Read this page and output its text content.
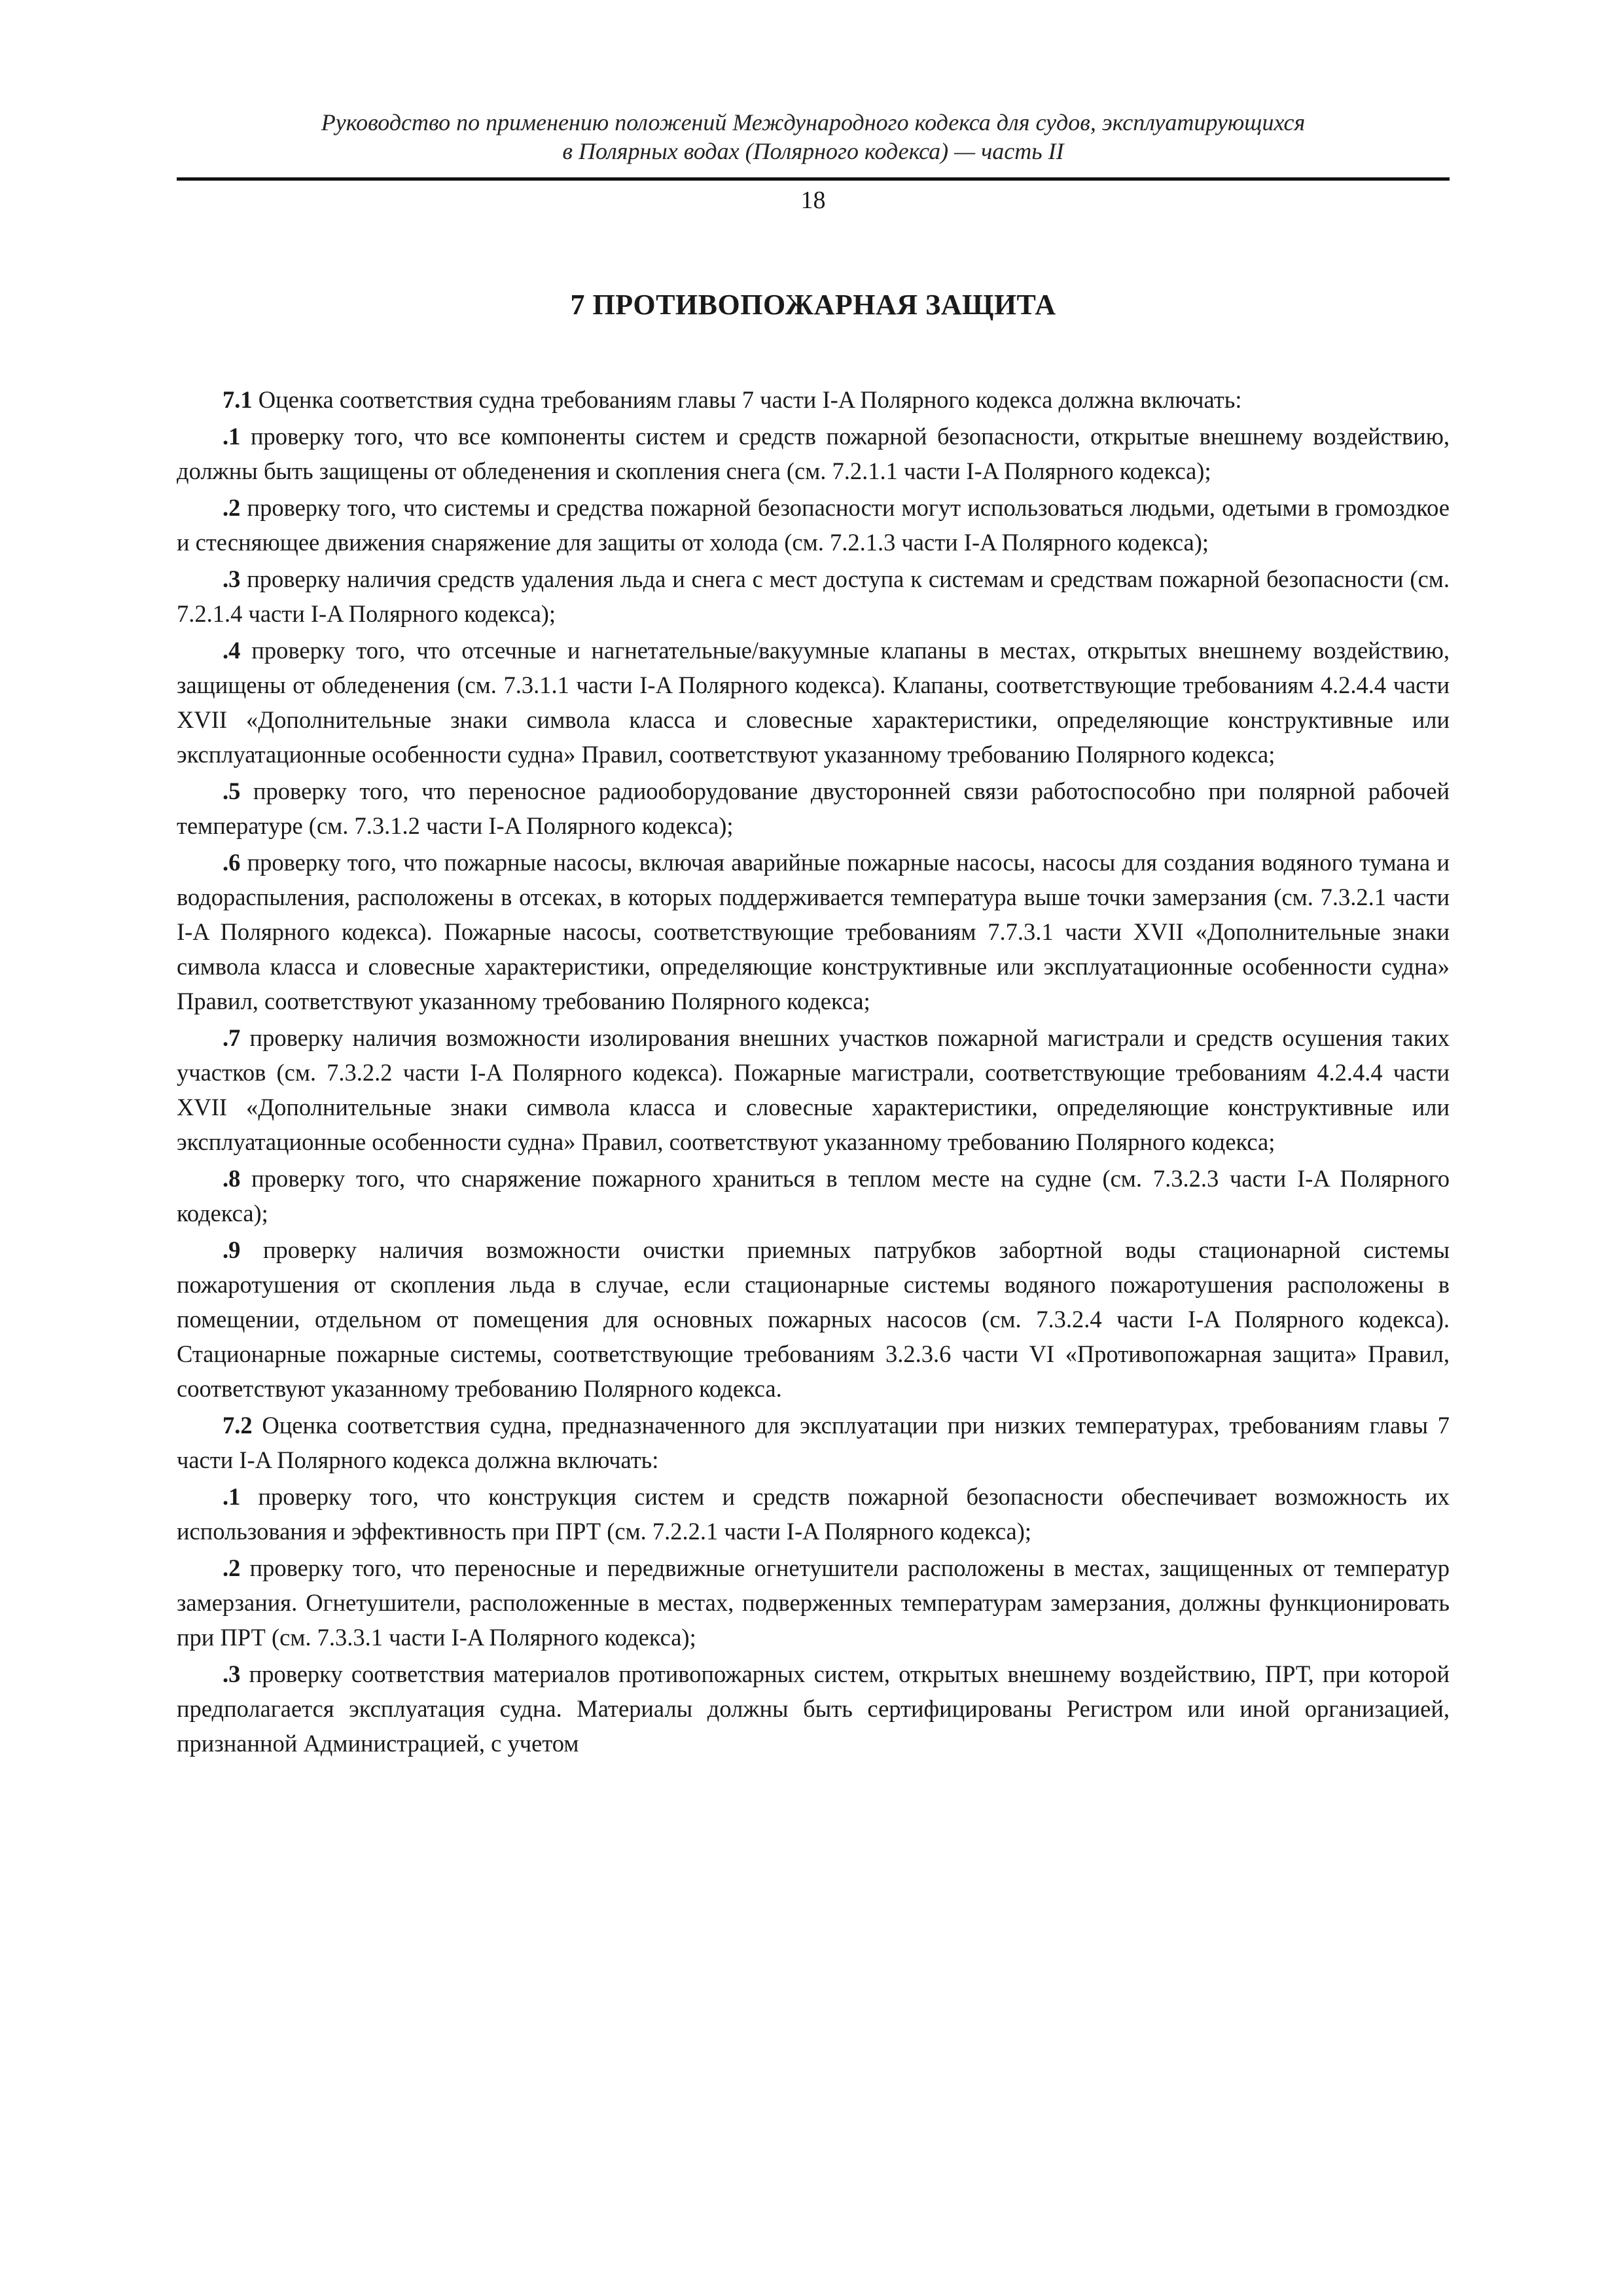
Руководство по применению положений Международного кодекса для судов, эксплуатирующихся
в Полярных водах (Полярного кодекса) — часть II
18
7 ПРОТИВОПОЖАРНАЯ ЗАЩИТА

7.1 Оценка соответствия судна требованиям главы 7 части I-A Полярного кодекса должна включать:

.1 проверку того, что все компоненты систем и средств пожарной безопасности, открытые внешнему воздействию, должны быть защищены от обледенения и скопления снега (см. 7.2.1.1 части I-A Полярного кодекса);

.2 проверку того, что системы и средства пожарной безопасности могут использоваться людьми, одетыми в громоздкое и стесняющее движения снаряжение для защиты от холода (см. 7.2.1.3 части I-A Полярного кодекса);

.3 проверку наличия средств удаления льда и снега с мест доступа к системам и средствам пожарной безопасности (см. 7.2.1.4 части I-A Полярного кодекса);

.4 проверку того, что отсечные и нагнетательные/вакуумные клапаны в местах, открытых внешнему воздействию, защищены от обледенения (см. 7.3.1.1 части I-A Полярного кодекса). Клапаны, соответствующие требованиям 4.2.4.4 части XVII «Дополнительные знаки символа класса и словесные характеристики, определяющие конструктивные или эксплуатационные особенности судна» Правил, соответствуют указанному требованию Полярного кодекса;

.5 проверку того, что переносное радиооборудование двусторонней связи работоспособно при полярной рабочей температуре (см. 7.3.1.2 части I-A Полярного кодекса);

.6 проверку того, что пожарные насосы, включая аварийные пожарные насосы, насосы для создания водяного тумана и водораспыления, расположены в отсеках, в которых поддерживается температура выше точки замерзания (см. 7.3.2.1 части I-A Полярного кодекса). Пожарные насосы, соответствующие требованиям 7.7.3.1 части XVII «Дополнительные знаки символа класса и словесные характеристики, определяющие конструктивные или эксплуатационные особенности судна» Правил, соответствуют указанному требованию Полярного кодекса;

.7 проверку наличия возможности изолирования внешних участков пожарной магистрали и средств осушения таких участков (см. 7.3.2.2 части I-A Полярного кодекса). Пожарные магистрали, соответствующие требованиям 4.2.4.4 части XVII «Дополнительные знаки символа класса и словесные характеристики, определяющие конструктивные или эксплуатационные особенности судна» Правил, соответствуют указанному требованию Полярного кодекса;

.8 проверку того, что снаряжение пожарного храниться в теплом месте на судне (см. 7.3.2.3 части I-A Полярного кодекса);

.9 проверку наличия возможности очистки приемных патрубков забортной воды стационарной системы пожаротушения от скопления льда в случае, если стационарные системы водяного пожаротушения расположены в помещении, отдельном от помещения для основных пожарных насосов (см. 7.3.2.4 части I-A Полярного кодекса). Стационарные пожарные системы, соответствующие требованиям 3.2.3.6 части VI «Противопожарная защита» Правил, соответствуют указанному требованию Полярного кодекса.

7.2 Оценка соответствия судна, предназначенного для эксплуатации при низких температурах, требованиям главы 7 части I-A Полярного кодекса должна включать:

.1 проверку того, что конструкция систем и средств пожарной безопасности обеспечивает возможность их использования и эффективность при ПРТ (см. 7.2.2.1 части I-A Полярного кодекса);

.2 проверку того, что переносные и передвижные огнетушители расположены в местах, защищенных от температур замерзания. Огнетушители, расположенные в местах, подверженных температурам замерзания, должны функционировать при ПРТ (см. 7.3.3.1 части I-A Полярного кодекса);

.3 проверку соответствия материалов противопожарных систем, открытых внешнему воздействию, ПРТ, при которой предполагается эксплуатация судна. Материалы должны быть сертифицированы Регистром или иной организацией, признанной Администрацией, с учетом
